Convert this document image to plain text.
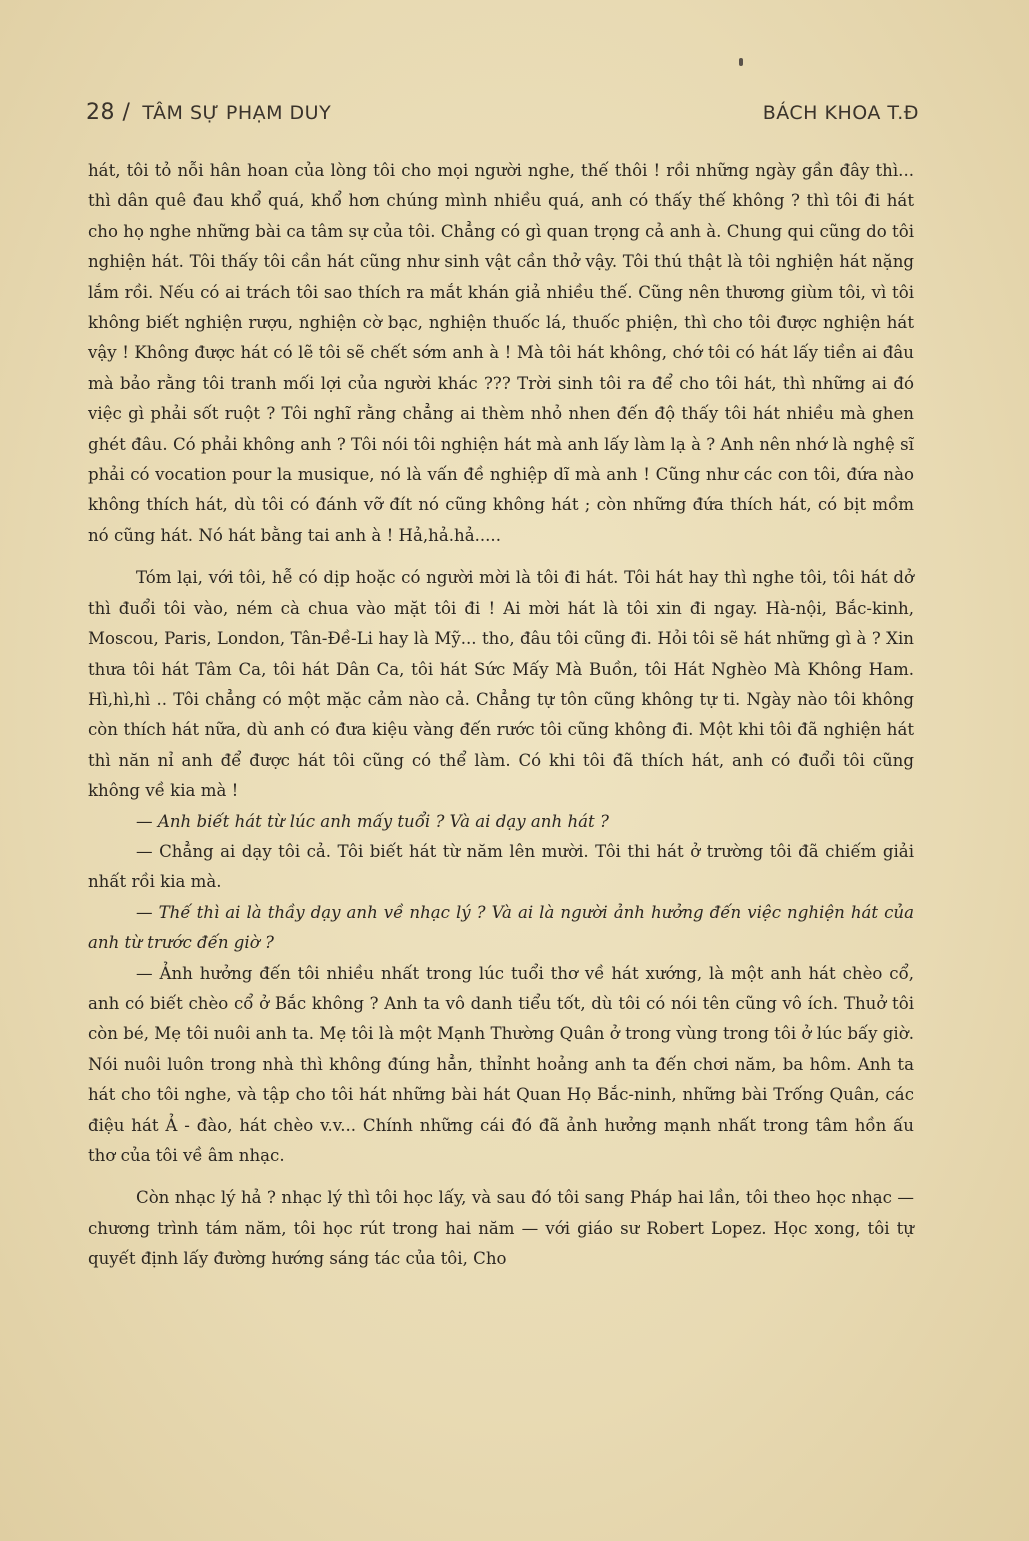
28 / TÂM SỰ PHẠM DUY	BÁCH KHOA T.Đ

hát, tôi tỏ nỗi hân hoan của lòng tôi cho mọi người nghe, thế thôi ! rồi những ngày gần đây thì... thì dân quê đau khổ quá, khổ hơn chúng mình nhiều quá, anh có thấy thế không ? thì tôi đi hát cho họ nghe những bài ca tâm sự của tôi. Chẳng có gì quan trọng cả anh à. Chung qui cũng do tôi nghiện hát. Tôi thấy tôi cần hát cũng như sinh vật cần thở vậy. Tôi thú thật là tôi nghiện hát nặng lắm rồi. Nếu có ai trách tôi sao thích ra mắt khán giả nhiều thế. Cũng nên thương giùm tôi, vì tôi không biết nghiện rượu, nghiện cờ bạc, nghiện thuốc lá, thuốc phiện, thì cho tôi được nghiện hát vậy ! Không được hát có lẽ tôi sẽ chết sớm anh à ! Mà tôi hát không, chớ tôi có hát lấy tiền ai đâu mà bảo rằng tôi tranh mối lợi của người khác ??? Trời sinh tôi ra để cho tôi hát, thì những ai đó việc gì phải sốt ruột ? Tôi nghĩ rằng chẳng ai thèm nhỏ nhen đến độ thấy tôi hát nhiều mà ghen ghét đâu. Có phải không anh ? Tôi nói tôi nghiện hát mà anh lấy làm lạ à ? Anh nên nhớ là nghệ sĩ phải có vocation pour la musique, nó là vấn đề nghiệp dĩ mà anh ! Cũng như các con tôi, đứa nào không thích hát, dù tôi có đánh vỡ đít nó cũng không hát ; còn những đứa thích hát, có bịt mồm nó cũng hát. Nó hát bằng tai anh à ! Hả,hả.hả.....

Tóm lại, với tôi, hễ có dịp hoặc có người mời là tôi đi hát. Tôi hát hay thì nghe tôi, tôi hát dở thì đuổi tôi vào, ném cà chua vào mặt tôi đi ! Ai mời hát là tôi xin đi ngay. Hà-nội, Bắc-kinh, Moscou, Paris, London, Tân-Đề-Li hay là Mỹ... tho, đâu tôi cũng đi. Hỏi tôi sẽ hát những gì à ? Xin thưa tôi hát Tâm Ca, tôi hát Dân Ca, tôi hát Sức Mấy Mà Buồn, tôi Hát Nghèo Mà Không Ham. Hì,hì,hì .. Tôi chẳng có một mặc cảm nào cả. Chẳng tự tôn cũng không tự ti. Ngày nào tôi không còn thích hát nữa, dù anh có đưa kiệu vàng đến rước tôi cũng không đi. Một khi tôi đã nghiện hát thì năn nỉ anh để được hát tôi cũng có thể làm. Có khi tôi đã thích hát, anh có đuổi tôi cũng không về kia mà !

— Anh biết hát từ lúc anh mấy tuổi ? Và ai dạy anh hát ?

— Chẳng ai dạy tôi cả. Tôi biết hát từ năm lên mười. Tôi thi hát ở trường tôi đã chiếm giải nhất rồi kia mà.

— Thế thì ai là thầy dạy anh về nhạc lý ? Và ai là người ảnh hưởng đến việc nghiện hát của anh từ trước đến giờ ?

— Ảnh hưởng đến tôi nhiều nhất trong lúc tuổi thơ về hát xướng, là một anh hát chèo cổ, anh có biết chèo cổ ở Bắc không ? Anh ta vô danh tiểu tốt, dù tôi có nói tên cũng vô ích. Thuở tôi còn bé, Mẹ tôi nuôi anh ta. Mẹ tôi là một Mạnh Thường Quân ở trong vùng trong tôi ở lúc bấy giờ. Nói nuôi luôn trong nhà thì không đúng hẳn, thỉnht hoảng anh ta đến chơi năm, ba hôm. Anh ta hát cho tôi nghe, và tập cho tôi hát những bài hát Quan Họ Bắc-ninh, những bài Trống Quân, các điệu hát Ả - đào, hát chèo v.v... Chính những cái đó đã ảnh hưởng mạnh nhất trong tâm hồn ấu thơ của tôi về âm nhạc.

Còn nhạc lý hả ? nhạc lý thì tôi học lấy, và sau đó tôi sang Pháp hai lần, tôi theo học nhạc — chương trình tám năm, tôi học rút trong hai năm — với giáo sư Robert Lopez. Học xong, tôi tự quyết định lấy đường hướng sáng tác của tôi, Cho
